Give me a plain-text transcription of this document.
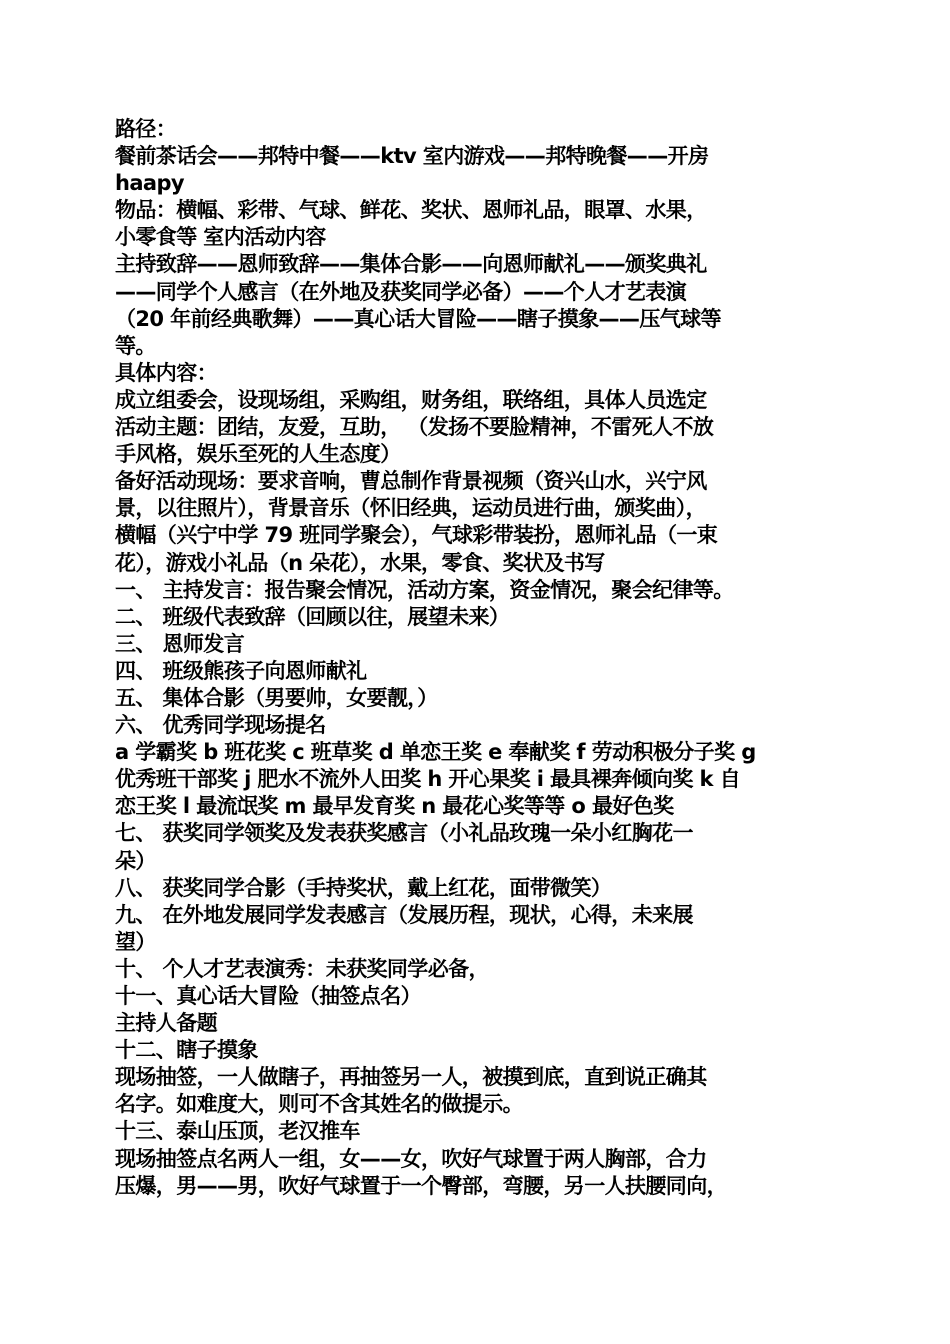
路径：
餐前茶话会——邦特中餐——ktv 室内游戏——邦特晚餐——开房
haapy
物品：横幅、彩带、气球、鲜花、奖状、恩师礼品，眼罩、水果，
小零食等 室内活动内容
主持致辞——恩师致辞——集体合影——向恩师献礼——颁奖典礼
——同学个人感言（在外地及获奖同学必备）——个人才艺表演
（20 年前经典歌舞）——真心话大冒险——瞎子摸象——压气球等
等。
具体内容：
成立组委会，设现场组，采购组，财务组，联络组，具体人员选定
活动主题：团结，友爱，互助， （发扬不要脸精神，不雷死人不放
手风格，娱乐至死的人生态度）
备好活动现场：要求音响，曹总制作背景视频（资兴山水，兴宁风
景，以往照片），背景音乐（怀旧经典，运动员进行曲，颁奖曲），
横幅（兴宁中学 79 班同学聚会），气球彩带装扮，恩师礼品（一束
花），游戏小礼品（n 朵花），水果，零食、奖状及书写
一、 主持发言：报告聚会情况，活动方案，资金情况，聚会纪律等。
二、 班级代表致辞（回顾以往，展望未来）
三、 恩师发言
四、 班级熊孩子向恩师献礼
五、 集体合影（男要帅，女要靓，）
六、 优秀同学现场提名
a 学霸奖 b 班花奖 c 班草奖 d 单恋王奖 e 奉献奖 f 劳动积极分子奖 g
优秀班干部奖 j 肥水不流外人田奖 h 开心果奖 i 最具裸奔倾向奖 k 自
恋王奖 l 最流氓奖 m 最早发育奖 n 最花心奖等等 o 最好色奖
七、 获奖同学领奖及发表获奖感言（小礼品玫瑰一朵小红胸花一
朵）
八、 获奖同学合影（手持奖状，戴上红花，面带微笑）
九、 在外地发展同学发表感言（发展历程，现状，心得，未来展
望）
十、 个人才艺表演秀：未获奖同学必备，
十一、真心话大冒险（抽签点名）
主持人备题
十二、瞎子摸象
现场抽签，一人做瞎子，再抽签另一人，被摸到底，直到说正确其
名字。如难度大，则可不含其姓名的做提示。
十三、泰山压顶，老汉推车
现场抽签点名两人一组，女——女，吹好气球置于两人胸部，合力
压爆，男——男，吹好气球置于一个臀部，弯腰，另一人扶腰同向，
